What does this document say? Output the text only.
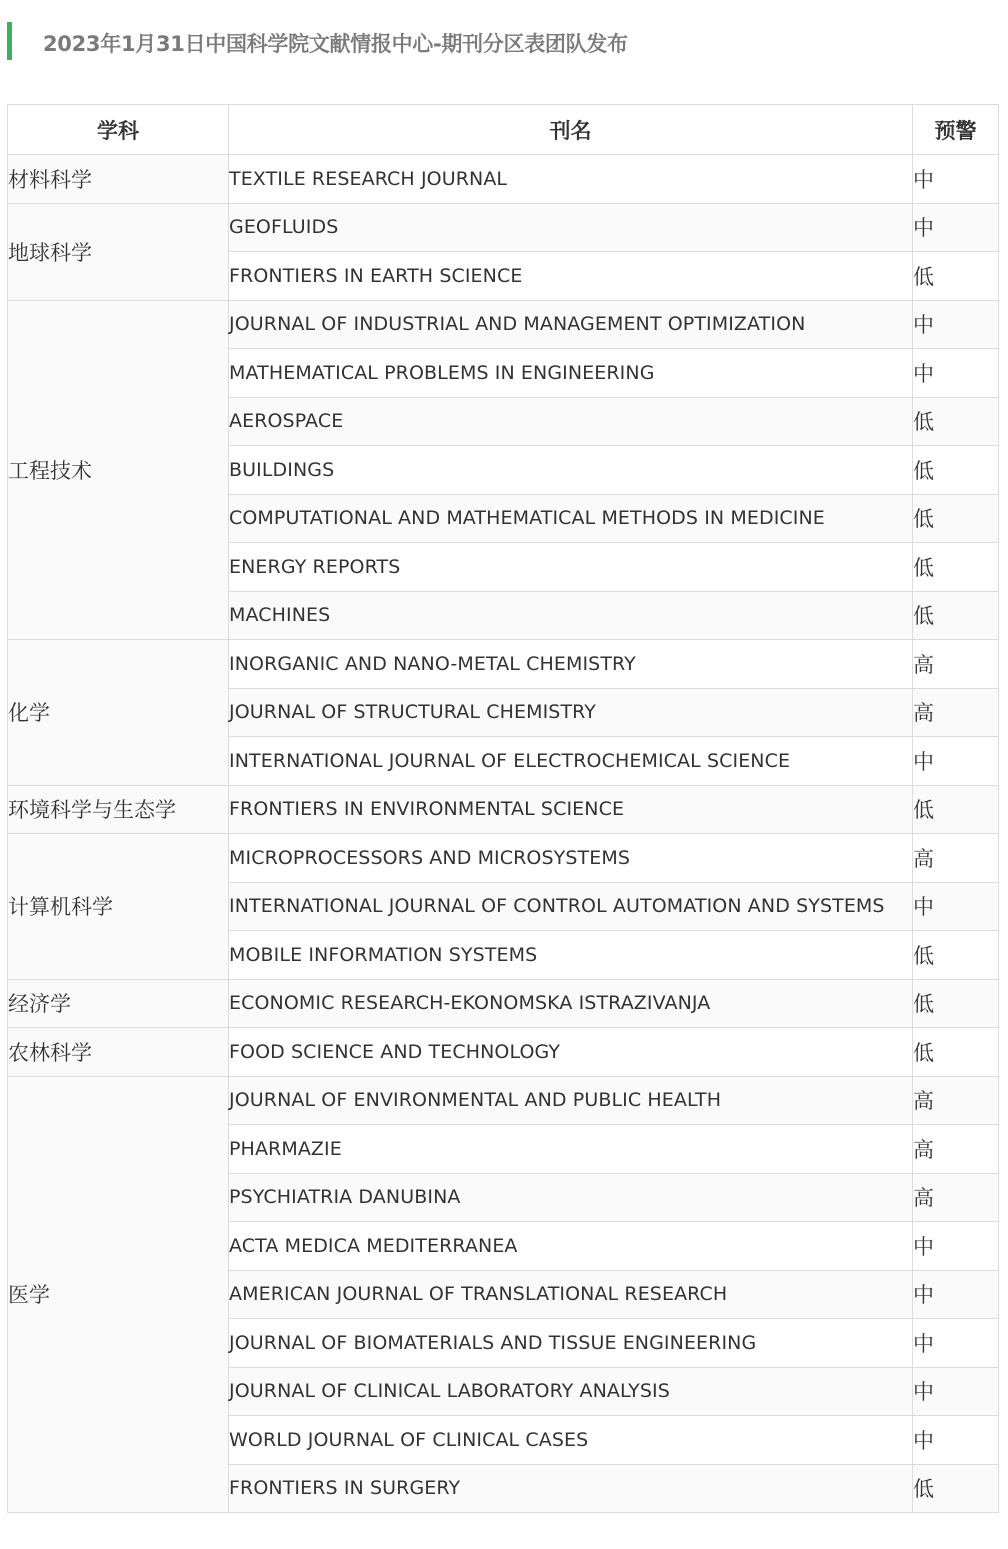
2023年1月31日中国科学院文献情报中心-期刊分区表团队发布
学科	刊名	预警
材料科学	TEXTILE RESEARCH JOURNAL	中
地球科学	GEOFLUIDS	中
	FRONTIERS IN EARTH SCIENCE	低
工程技术	JOURNAL OF INDUSTRIAL AND MANAGEMENT OPTIMIZATION	中
	MATHEMATICAL PROBLEMS IN ENGINEERING	中
	AEROSPACE	低
	BUILDINGS	低
	COMPUTATIONAL AND MATHEMATICAL METHODS IN MEDICINE	低
	ENERGY REPORTS	低
	MACHINES	低
化学	INORGANIC AND NANO-METAL CHEMISTRY	高
	JOURNAL OF STRUCTURAL CHEMISTRY	高
	INTERNATIONAL JOURNAL OF ELECTROCHEMICAL SCIENCE	中
环境科学与生态学	FRONTIERS IN ENVIRONMENTAL SCIENCE	低
计算机科学	MICROPROCESSORS AND MICROSYSTEMS	高
	INTERNATIONAL JOURNAL OF CONTROL AUTOMATION AND SYSTEMS	中
	MOBILE INFORMATION SYSTEMS	低
经济学	ECONOMIC RESEARCH-EKONOMSKA ISTRAZIVANJA	低
农林科学	FOOD SCIENCE AND TECHNOLOGY	低
医学	JOURNAL OF ENVIRONMENTAL AND PUBLIC HEALTH	高
	PHARMAZIE	高
	PSYCHIATRIA DANUBINA	高
	ACTA MEDICA MEDITERRANEA	中
	AMERICAN JOURNAL OF TRANSLATIONAL RESEARCH	中
	JOURNAL OF BIOMATERIALS AND TISSUE ENGINEERING	中
	JOURNAL OF CLINICAL LABORATORY ANALYSIS	中
	WORLD JOURNAL OF CLINICAL CASES	中
	FRONTIERS IN SURGERY	低
